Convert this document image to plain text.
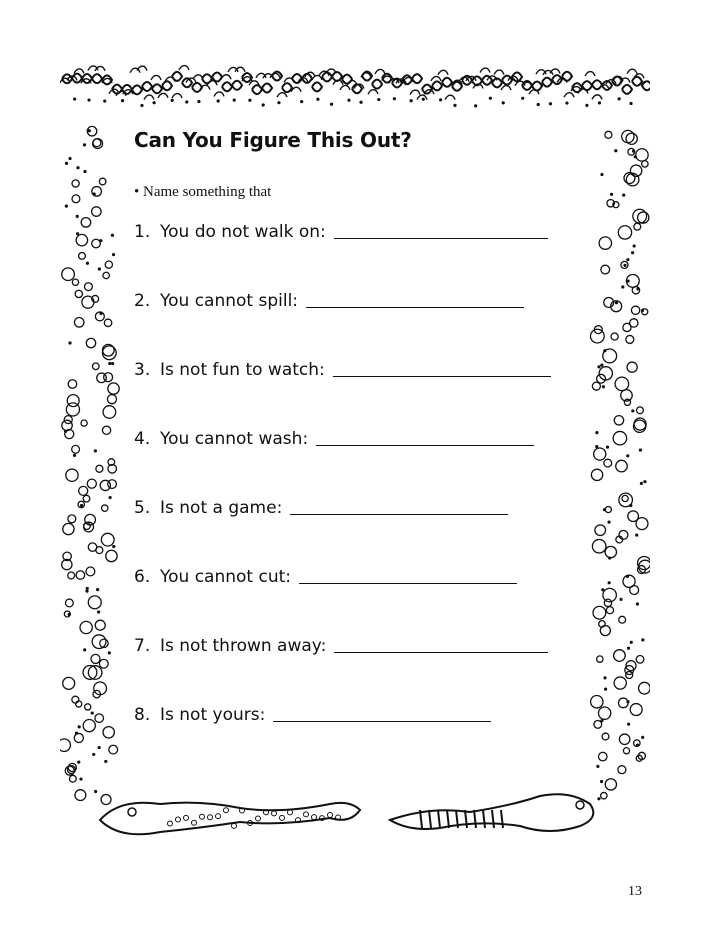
Can You Figure This Out?
• Name something that
1. You do not walk on:
2. You cannot spill:
3. Is not fun to watch:
4. You cannot wash:
5. Is not a game:
6. You cannot cut:
7. Is not thrown away:
8. Is not yours:
13
